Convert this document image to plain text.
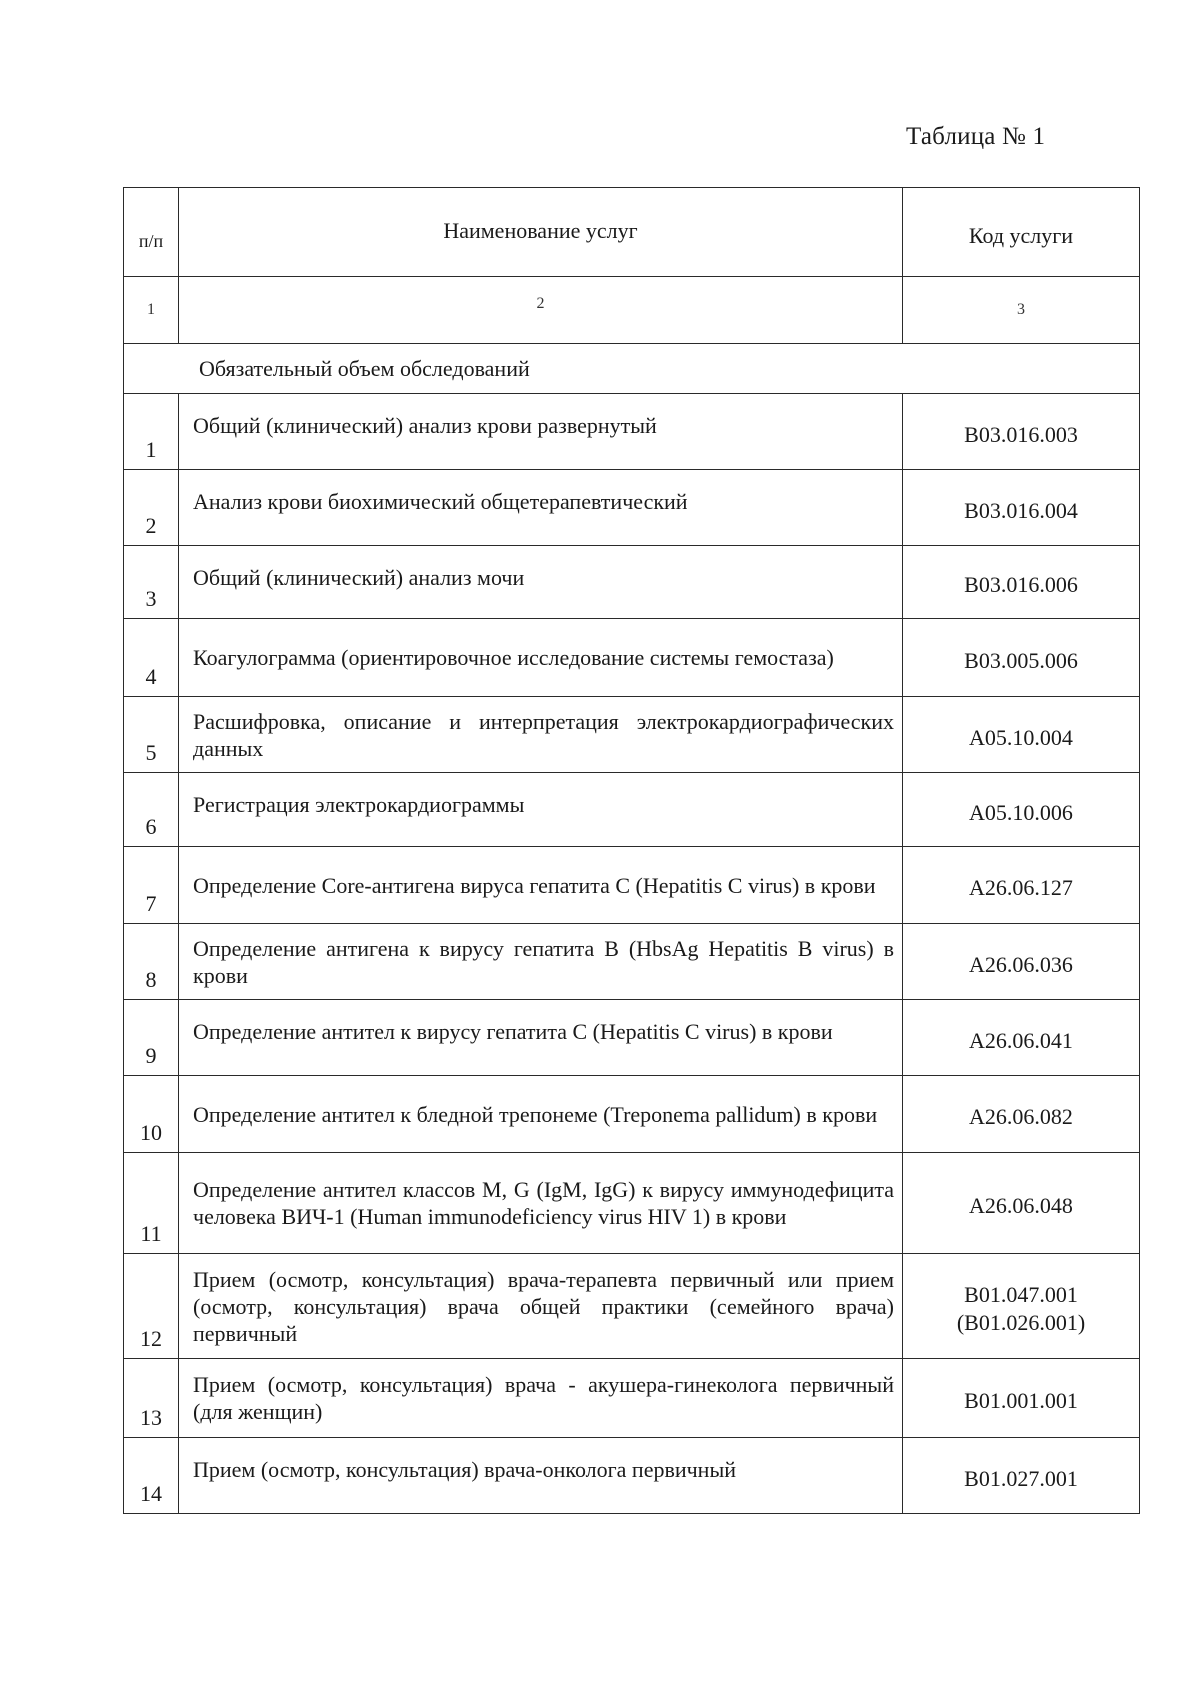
Таблица № 1
п/п	Наименование услуг	Код услуги
1	2	3
Обязательный объем обследований		
1	Общий (клинический) анализ крови развернутый	B03.016.003
2	Анализ крови биохимический общетерапевтический	B03.016.004
3	Общий (клинический) анализ мочи	B03.016.006
4	Коагулограмма (ориентировочное исследование системы гемостаза)	B03.005.006
5	Расшифровка, описание и интерпретация электрокардиографических данных	A05.10.004
6	Регистрация электрокардиограммы	A05.10.006
7	Определение Core-антигена вируса гепатита C (Hepatitis C virus) в крови	A26.06.127
8	Определение антигена к вирусу гепатита B (HbsAg Hepatitis B virus) в крови	A26.06.036
9	Определение антител к вирусу гепатита C (Hepatitis C virus) в крови	A26.06.041
10	Определение антител к бледной трепонеме (Treponema pallidum) в крови	A26.06.082
11	Определение антител классов M, G (IgM, IgG) к вирусу иммунодефицита человека ВИЧ-1 (Human immunodeficiency virus HIV 1) в крови	A26.06.048
12	Прием (осмотр, консультация) врача-терапевта первичный или прием (осмотр, консультация) врача общей практики (семейного врача) первичный	B01.047.001
(B01.026.001)

13	Прием (осмотр, консультация) врача - акушера-гинеколога первичный (для женщин)	B01.001.001
14	Прием (осмотр, консультация) врача-онколога первичный	B01.027.001
